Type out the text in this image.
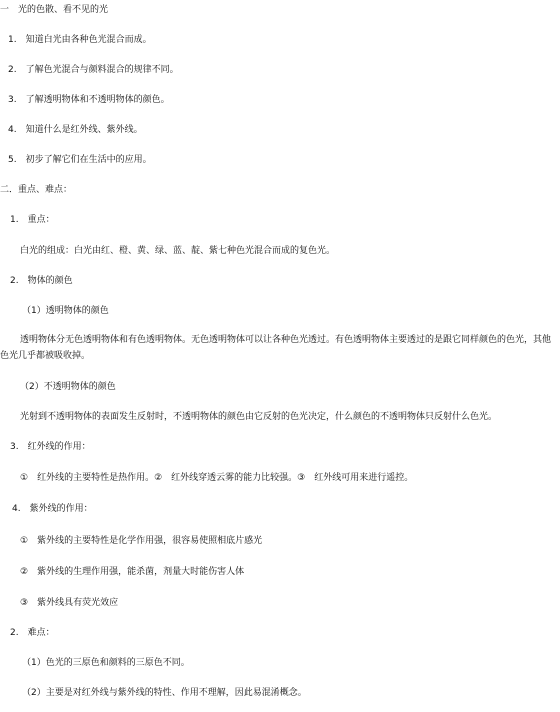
一　光的色散、看不见的光
1.　知道白光由各种色光混合而成。
2.　了解色光混合与颜料混合的规律不同。
3.　了解透明物体和不透明物体的颜色。
4.　知道什么是红外线、紫外线。
5.　初步了解它们在生活中的应用。
二．重点、难点：
1.　重点：
白光的组成：白光由红、橙、黄、绿、蓝、靛、紫七种色光混合而成的复色光。
2.　物体的颜色
（1）透明物体的颜色
透明物体分无色透明物体和有色透明物体。无色透明物体可以让各种色光透过。有色透明物体主要透过的是跟它同样颜色的色光，其他色光几乎都被吸收掉。
（2）不透明物体的颜色
光射到不透明物体的表面发生反射时，不透明物体的颜色由它反射的色光决定，什么颜色的不透明物体只反射什么色光。
3.　红外线的作用：
①　红外线的主要特性是热作用。②　红外线穿透云雾的能力比较强。③　红外线可用来进行遥控。
4.　紫外线的作用：
①　紫外线的主要特性是化学作用强，很容易使照相底片感光
②　紫外线的生理作用强，能杀菌，剂量大时能伤害人体
③　紫外线具有荧光效应
2.　难点：
（1）色光的三原色和颜料的三原色不同。
（2）主要是对红外线与紫外线的特性、作用不理解，因此易混淆概念。
